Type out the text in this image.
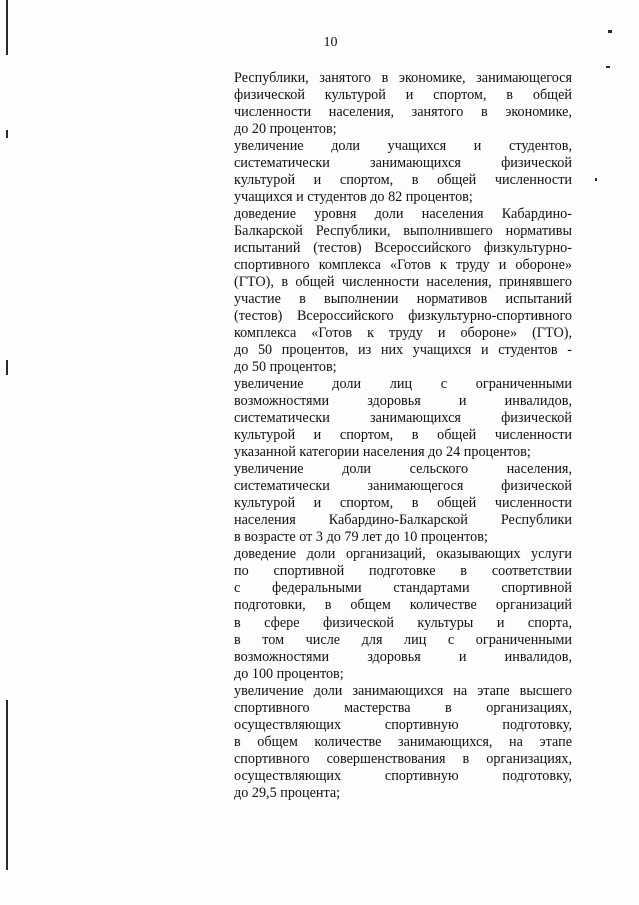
10

Республики, занятого в экономике, занимающегося
физической культурой и спортом, в общей
численности населения, занятого в экономике,
до 20 процентов;

увеличение доли учащихся и студентов,
систематически занимающихся физической
культурой и спортом, в общей численности
учащихся и студентов до 82 процентов;

доведение уровня доли населения Кабардино-
Балкарской Республики, выполнившего нормативы
испытаний (тестов) Всероссийского физкультурно-
спортивного комплекса «Готов к труду и обороне»
(ГТО), в общей численности населения, принявшего
участие в выполнении нормативов испытаний
(тестов) Всероссийского физкультурно-спортивного
комплекса «Готов к труду и обороне» (ГТО),
до 50 процентов, из них учащихся и студентов -
до 50 процентов;

увеличение доли лиц с ограниченными
возможностями здоровья и инвалидов,
систематически занимающихся физической
культурой и спортом, в общей численности
указанной категории населения до 24 процентов;

увеличение доли сельского населения,
систематически занимающегося физической
культурой и спортом, в общей численности
населения Кабардино-Балкарской Республики
в возрасте от 3 до 79 лет до 10 процентов;

доведение доли организаций, оказывающих услуги
по спортивной подготовке в соответствии
с федеральными стандартами спортивной
подготовки, в общем количестве организаций
в сфере физической культуры и спорта,
в том числе для лиц с ограниченными
возможностями здоровья и инвалидов,
до 100 процентов;

увеличение доли занимающихся на этапе высшего
спортивного мастерства в организациях,
осуществляющих спортивную подготовку,
в общем количестве занимающихся, на этапе
спортивного совершенствования в организациях,
осуществляющих спортивную подготовку,
до 29,5 процента;
